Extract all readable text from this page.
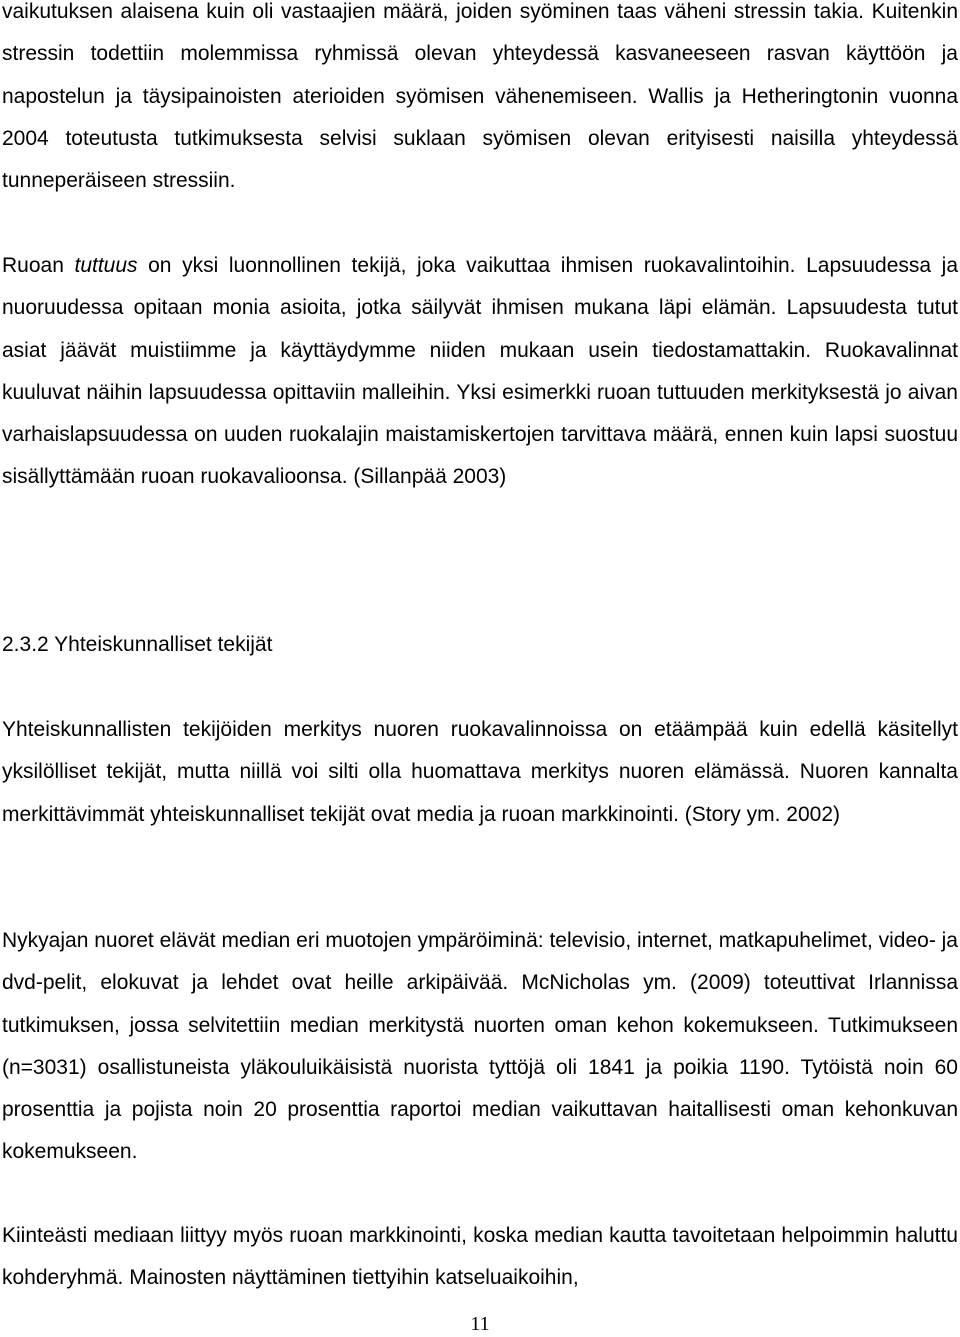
vaikutuksen alaisena kuin oli vastaajien määrä, joiden syöminen taas väheni stressin takia. Kuitenkin stressin todettiin molemmissa ryhmissä olevan yhteydessä kasvaneeseen rasvan käyttöön ja napostelun ja täysipainoisten aterioiden syömisen vähenemiseen. Wallis ja Hetheringtonin vuonna 2004 toteutusta tutkimuksesta selvisi suklaan syömisen olevan erityisesti naisilla yhteydessä tunneperäiseen stressiin.

Ruoan tuttuus on yksi luonnollinen tekijä, joka vaikuttaa ihmisen ruokavalintoihin. Lapsuudessa ja nuoruudessa opitaan monia asioita, jotka säilyvät ihmisen mukana läpi elämän. Lapsuudesta tutut asiat jäävät muistiimme ja käyttäydymme niiden mukaan usein tiedostamattakin. Ruokavalinnat kuuluvat näihin lapsuudessa opittaviin malleihin. Yksi esimerkki ruoan tuttuuden merkityksestä jo aivan varhaislapsuudessa on uuden ruokalajin maistamiskertojen tarvittava määrä, ennen kuin lapsi suostuu sisällyttämään ruoan ruokavalioonsa. (Sillanpää 2003)

2.3.2 Yhteiskunnalliset tekijät

Yhteiskunnallisten tekijöiden merkitys nuoren ruokavalinnoissa on etäämpää kuin edellä käsitellyt yksilölliset tekijät, mutta niillä voi silti olla huomattava merkitys nuoren elämässä. Nuoren kannalta merkittävimmät yhteiskunnalliset tekijät ovat media ja ruoan markkinointi. (Story ym. 2002)

Nykyajan nuoret elävät median eri muotojen ympäröiminä: televisio, internet, matkapuhelimet, video- ja dvd-pelit, elokuvat ja lehdet ovat heille arkipäivää. McNicholas ym. (2009) toteuttivat Irlannissa tutkimuksen, jossa selvitettiin median merkitystä nuorten oman kehon kokemukseen. Tutkimukseen (n=3031) osallistuneista yläkouluikäisistä nuorista tyttöjä oli 1841 ja poikia 1190. Tytöistä noin 60 prosenttia ja pojista noin 20 prosenttia raportoi median vaikuttavan haitallisesti oman kehonkuvan kokemukseen.

Kiinteästi mediaan liittyy myös ruoan markkinointi, koska median kautta tavoitetaan helpoimmin haluttu kohderyhmä. Mainosten näyttäminen tiettyihin katseluaikoihin,

11
